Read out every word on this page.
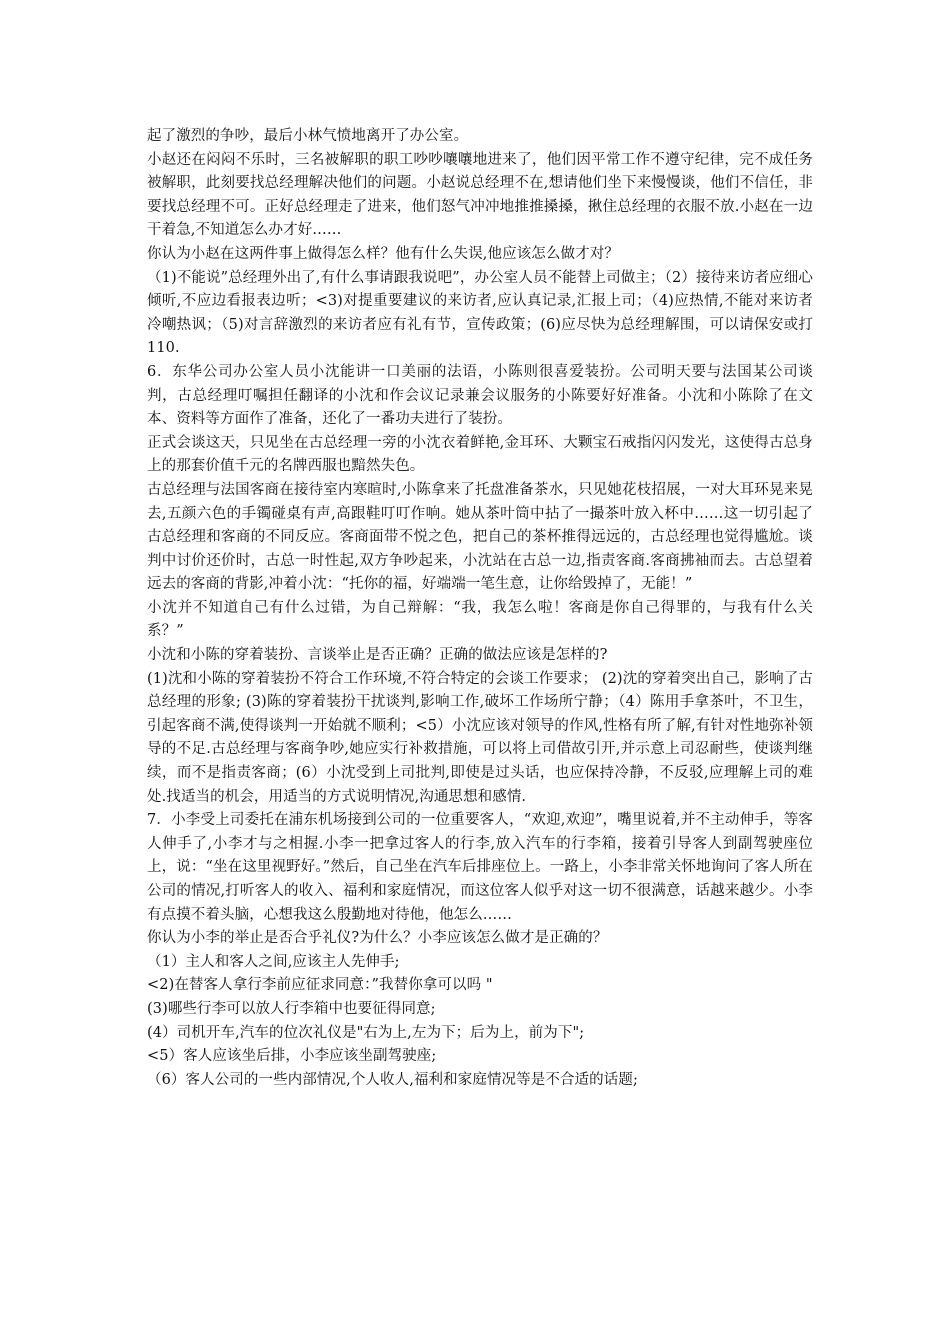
起了激烈的争吵，最后小林气愤地离开了办公室。

小赵还在闷闷不乐时，三名被解职的职工吵吵嚷嚷地进来了，他们因平常工作不遵守纪律，完不成任务被解职，此刻要找总经理解决他们的问题。小赵说总经理不在,想请他们坐下来慢慢谈，他们不信任，非要找总经理不可。正好总经理走了进来，他们怒气冲冲地推推搡搡，揪住总经理的衣服不放.小赵在一边干着急,不知道怎么办才好……

你认为小赵在这两件事上做得怎么样？他有什么失误,他应该怎么做才对？

（1)不能说”总经理外出了,有什么事请跟我说吧”，办公室人员不能替上司做主；（2）接待来访者应细心倾听,不应边看报表边听；<3)对提重要建议的来访者,应认真记录,汇报上司；（4)应热情,不能对来访者冷嘲热讽；（5)对言辞激烈的来访者应有礼有节，宣传政策；(6)应尽快为总经理解围，可以请保安或打 110.

6．东华公司办公室人员小沈能讲一口美丽的法语，小陈则很喜爱装扮。公司明天要与法国某公司谈判，古总经理叮嘱担任翻译的小沈和作会议记录兼会议服务的小陈要好好准备。小沈和小陈除了在文本、资料等方面作了准备，还化了一番功夫进行了装扮。

正式会谈这天，只见坐在古总经理一旁的小沈衣着鲜艳,金耳环、大颗宝石戒指闪闪发光，这使得古总身上的那套价值千元的名牌西服也黯然失色。

古总经理与法国客商在接待室内寒暄时,小陈拿来了托盘准备茶水，只见她花枝招展，一对大耳环晃来晃去,五颜六色的手镯碰桌有声,高跟鞋叮叮作响。她从茶叶筒中拈了一撮茶叶放入杯中……这一切引起了古总经理和客商的不同反应。客商面带不悦之色，把自己的茶杯推得远远的，古总经理也觉得尴尬。谈判中讨价还价时，古总一时性起,双方争吵起来，小沈站在古总一边,指责客商.客商拂袖而去。古总望着远去的客商的背影,冲着小沈：“托你的福，好端端一笔生意，让你给毁掉了，无能！”

小沈并不知道自己有什么过错，为自己辩解：“我，我怎么啦！客商是你自己得罪的，与我有什么关系？”

小沈和小陈的穿着装扮、言谈举止是否正确？正确的做法应该是怎样的?

(1)沈和小陈的穿着装扮不符合工作环境,不符合特定的会谈工作要求； (2)沈的穿着突出自己，影响了古总经理的形象; (3)陈的穿着装扮干扰谈判,影响工作,破坏工作场所宁静；（4）陈用手拿茶叶，不卫生，引起客商不满,使得谈判一开始就不顺利；<5）小沈应该对领导的作风,性格有所了解,有针对性地弥补领导的不足.古总经理与客商争吵,她应实行补救措施，可以将上司借故引开,并示意上司忍耐些，使谈判继续，而不是指责客商；(6）小沈受到上司批判,即使是过头话，也应保持冷静，不反驳,应理解上司的难处.找适当的机会，用适当的方式说明情况,沟通思想和感情.

7．小李受上司委托在浦东机场接到公司的一位重要客人，“欢迎,欢迎”，嘴里说着,并不主动伸手，等客人伸手了,小李才与之相握.小李一把拿过客人的行李,放入汽车的行李箱，接着引导客人到副驾驶座位上，说：“坐在这里视野好。”然后，自己坐在汽车后排座位上。一路上，小李非常关怀地询问了客人所在公司的情况,打听客人的收入、福利和家庭情况，而这位客人似乎对这一切不很满意，话越来越少。小李有点摸不着头脑，心想我这么殷勤地对待他，他怎么……

你认为小李的举止是否合乎礼仪?为什么？小李应该怎么做才是正确的？

（1）主人和客人之间,应该主人先伸手;

<2)在替客人拿行李前应征求同意：”我替你拿可以吗 "

(3)哪些行李可以放人行李箱中也要征得同意;

(4）司机开车,汽车的位次礼仪是"右为上,左为下；后为上，前为下";

<5）客人应该坐后排，小李应该坐副驾驶座;

（6）客人公司的一些内部情况,个人收人,福利和家庭情况等是不合适的话题;
